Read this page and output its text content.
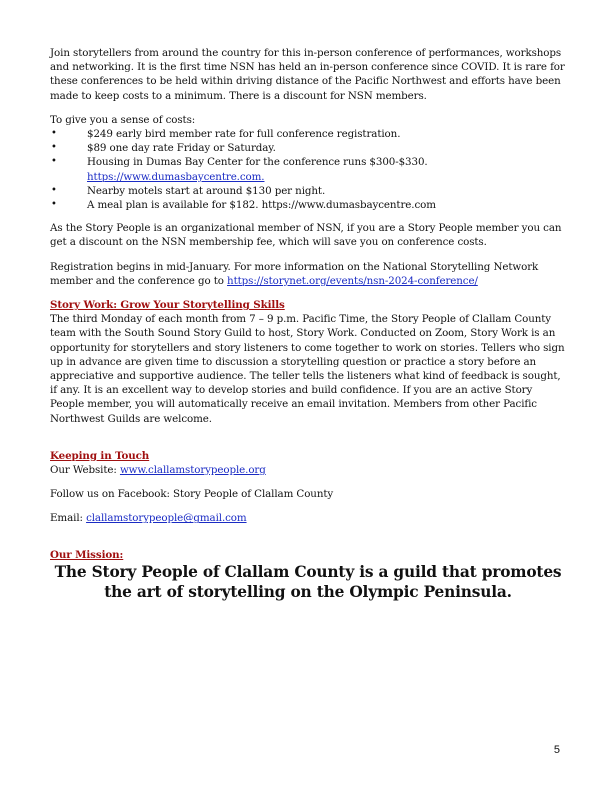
Join storytellers from around the country for this in-person conference of performances, workshops and networking. It is the first time NSN has held an in-person conference since COVID. It is rare for these conferences to be held within driving distance of the Pacific Northwest and efforts have been made to keep costs to a minimum. There is a discount for NSN members.

To give you a sense of costs:

•	$249 early bird member rate for full conference registration.
•	$89 one day rate Friday or Saturday.
•	Housing in Dumas Bay Center for the conference runs $300-$330.
https://www.dumasbaycentre.com.
•	Nearby motels start at around $130 per night.
•	A meal plan is available for $182. https://www.dumasbaycentre.com

As the Story People is an organizational member of NSN, if you are a Story People member you can get a discount on the NSN membership fee, which will save you on conference costs.

Registration begins in mid-January. For more information on the National Storytelling Network member and the conference go to https://storynet.org/events/nsn-2024-conference/

Story Work: Grow Your Storytelling Skills

The third Monday of each month from 7 – 9 p.m. Pacific Time, the Story People of Clallam County team with the South Sound Story Guild to host, Story Work. Conducted on Zoom, Story Work is an opportunity for storytellers and story listeners to come together to work on stories. Tellers who sign up in advance are given time to discussion a storytelling question or practice a story before an appreciative and supportive audience. The teller tells the listeners what kind of feedback is sought, if any. It is an excellent way to develop stories and build confidence. If you are an active Story People member, you will automatically receive an email invitation. Members from other Pacific Northwest Guilds are welcome.

Keeping in Touch

Our Website: www.clallamstorypeople.org

Follow us on Facebook: Story People of Clallam County

Email: clallamstorypeople@gmail.com

Our Mission:

The Story People of Clallam County is a guild that promotes the art of storytelling on the Olympic Peninsula.

5
